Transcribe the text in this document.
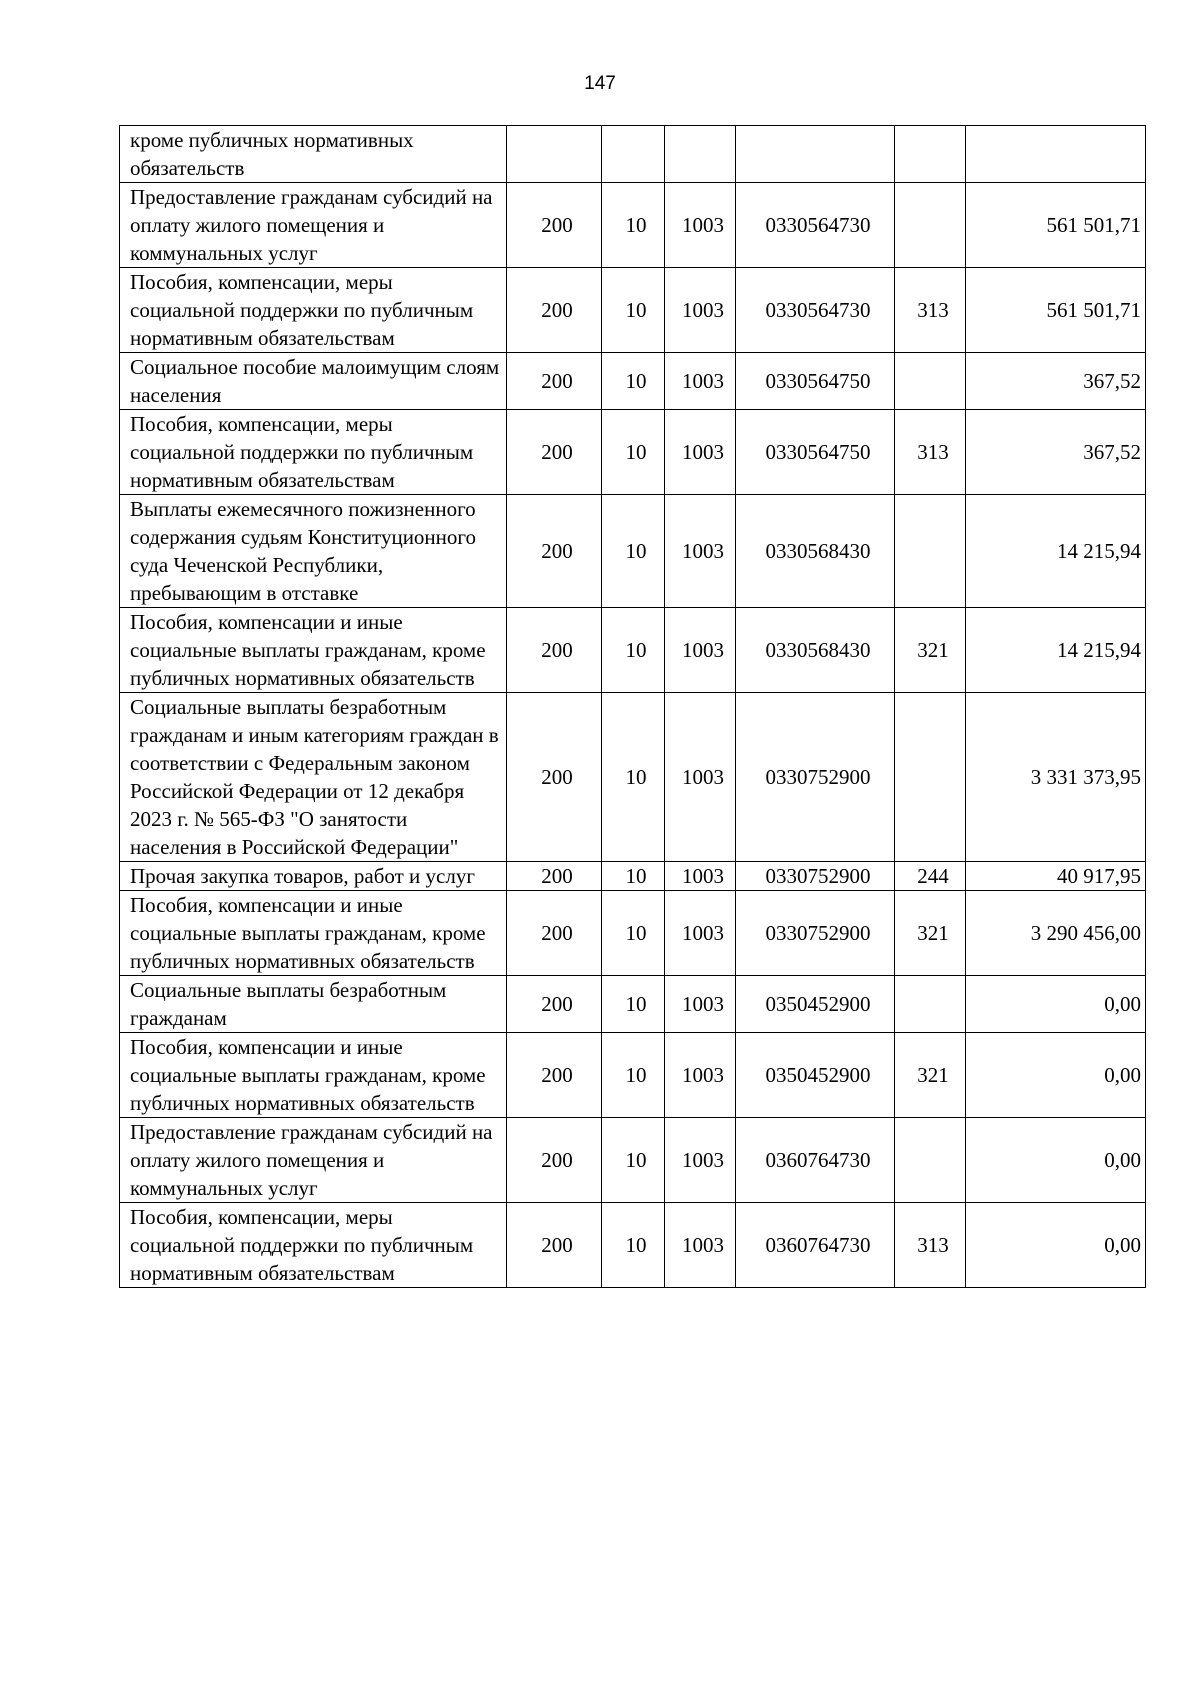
147
кроме публичных нормативных обязательств						
Предоставление гражданам субсидий на оплату жилого помещения и коммунальных услуг	200	10	1003	0330564730		561 501,71
Пособия, компенсации, меры социальной поддержки по публичным нормативным обязательствам	200	10	1003	0330564730	313	561 501,71
Социальное пособие малоимущим слоям населения	200	10	1003	0330564750		367,52
Пособия, компенсации, меры социальной поддержки по публичным нормативным обязательствам	200	10	1003	0330564750	313	367,52
Выплаты ежемесячного пожизненного содержания судьям Конституционного суда Чеченской Республики, пребывающим в отставке	200	10	1003	0330568430		14 215,94
Пособия, компенсации и иные социальные выплаты гражданам, кроме публичных нормативных обязательств	200	10	1003	0330568430	321	14 215,94
Социальные выплаты безработным гражданам и иным категориям граждан в соответствии с Федеральным законом Российской Федерации от 12 декабря 2023 г. № 565-ФЗ "О занятости населения в Российской Федерации"	200	10	1003	0330752900		3 331 373,95
Прочая закупка товаров, работ и услуг	200	10	1003	0330752900	244	40 917,95
Пособия, компенсации и иные социальные выплаты гражданам, кроме публичных нормативных обязательств	200	10	1003	0330752900	321	3 290 456,00
Социальные выплаты безработным гражданам	200	10	1003	0350452900		0,00
Пособия, компенсации и иные социальные выплаты гражданам, кроме публичных нормативных обязательств	200	10	1003	0350452900	321	0,00
Предоставление гражданам субсидий на оплату жилого помещения и коммунальных услуг	200	10	1003	0360764730		0,00
Пособия, компенсации, меры социальной поддержки по публичным нормативным обязательствам	200	10	1003	0360764730	313	0,00
